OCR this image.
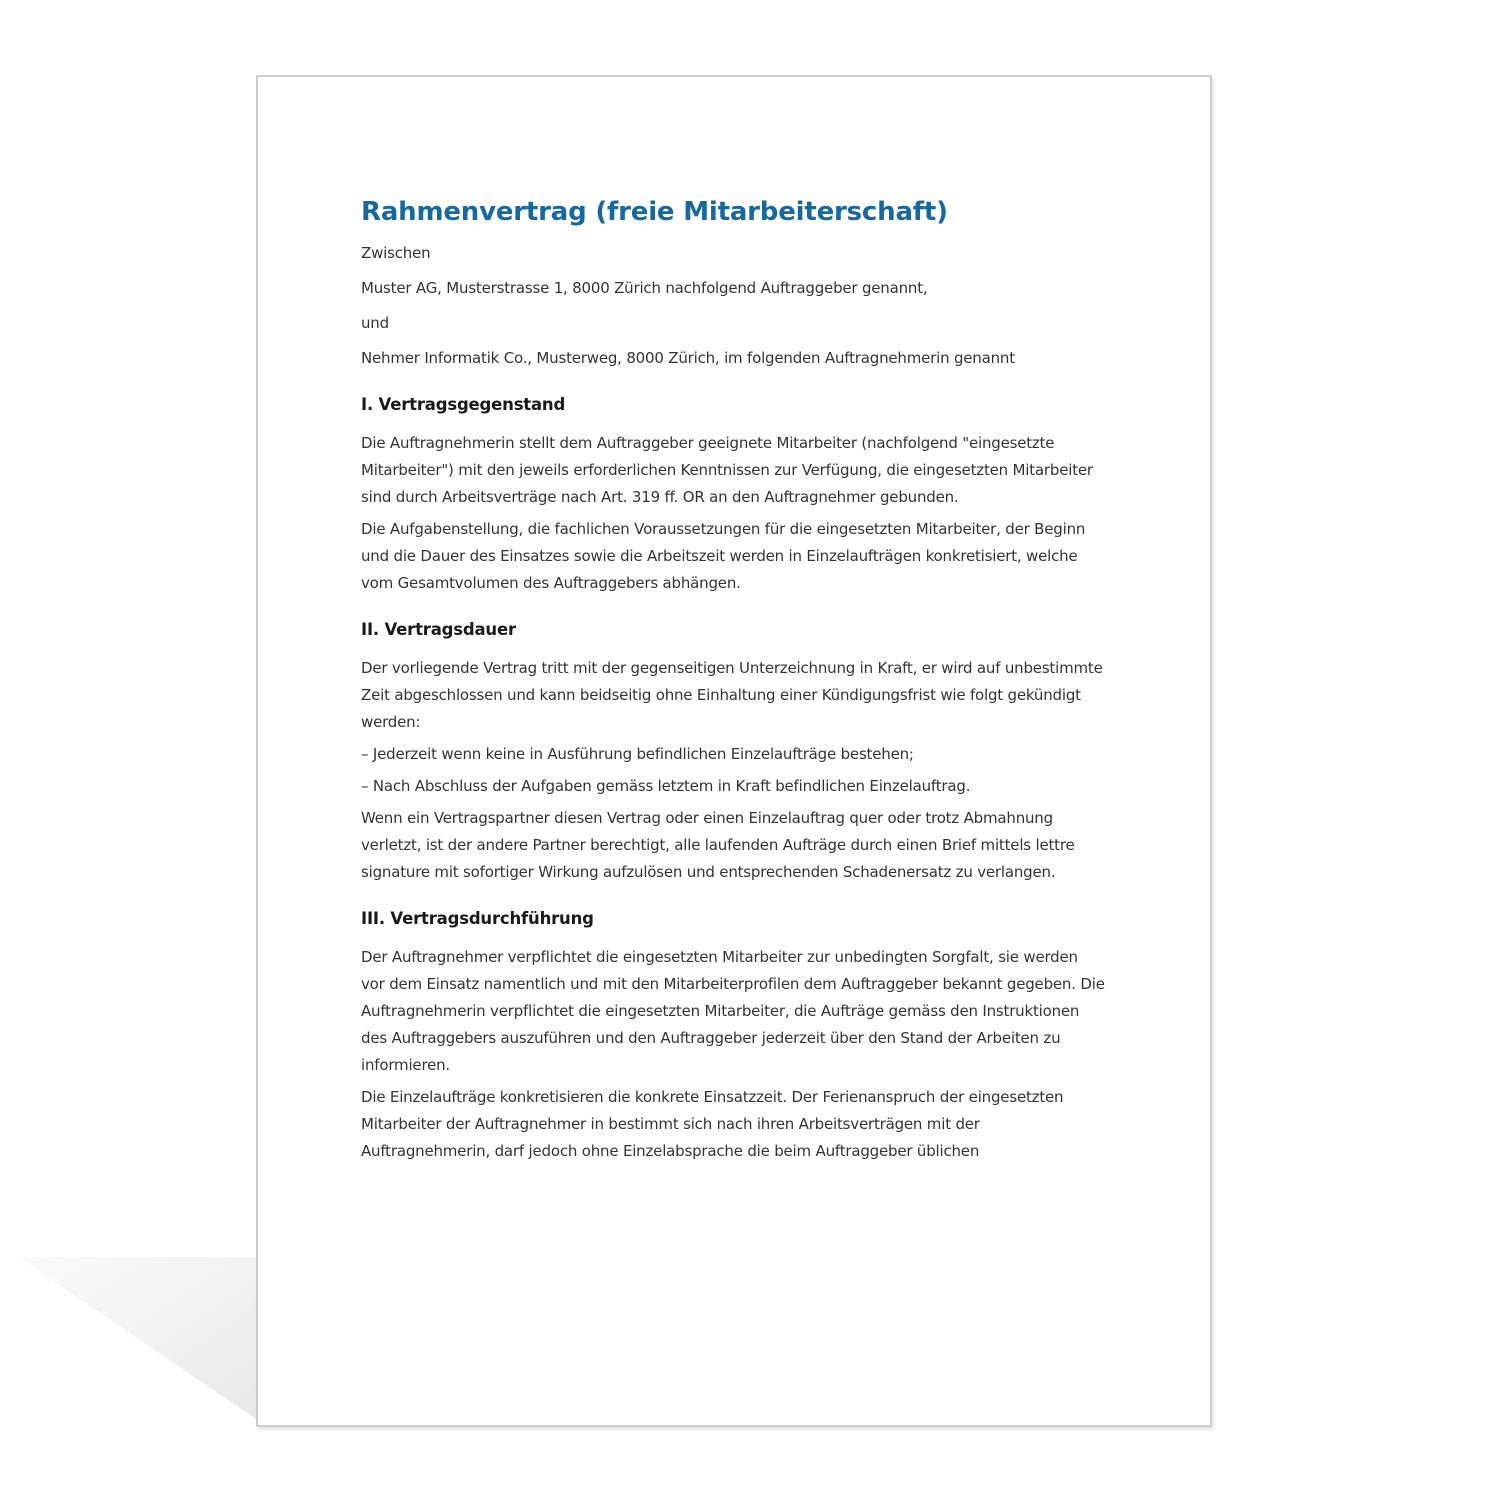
Rahmenvertrag (freie Mitarbeiterschaft)

Zwischen

Muster AG, Musterstrasse 1, 8000 Zürich nachfolgend Auftraggeber genannt,

und

Nehmer Informatik Co., Musterweg, 8000 Zürich, im folgenden Auftragnehmerin genannt

I. Vertragsgegenstand

Die Auftragnehmerin stellt dem Auftraggeber geeignete Mitarbeiter (nachfolgend "eingesetzte Mitarbeiter") mit den jeweils erforderlichen Kenntnissen zur Verfügung, die eingesetzten Mitarbeiter sind durch Arbeitsverträge nach Art. 319 ff. OR an den Auftragnehmer gebunden.

Die Aufgabenstellung, die fachlichen Voraussetzungen für die eingesetzten Mitarbeiter, der Beginn und die Dauer des Einsatzes sowie die Arbeitszeit werden in Einzelaufträgen konkretisiert, welche vom Gesamtvolumen des Auftraggebers abhängen.

II. Vertragsdauer

Der vorliegende Vertrag tritt mit der gegenseitigen Unterzeichnung in Kraft, er wird auf unbestimmte Zeit abgeschlossen und kann beidseitig ohne Einhaltung einer Kündigungsfrist wie folgt gekündigt werden:

– Jederzeit wenn keine in Ausführung befindlichen Einzelaufträge bestehen;

– Nach Abschluss der Aufgaben gemäss letztem in Kraft befindlichen Einzelauftrag.

Wenn ein Vertragspartner diesen Vertrag oder einen Einzelauftrag quer oder trotz Abmahnung verletzt, ist der andere Partner berechtigt, alle laufenden Aufträge durch einen Brief mittels lettre signature mit sofortiger Wirkung aufzulösen und entsprechenden Schadenersatz zu verlangen.

III. Vertragsdurchführung

Der Auftragnehmer verpflichtet die eingesetzten Mitarbeiter zur unbedingten Sorgfalt, sie werden vor dem Einsatz namentlich und mit den Mitarbeiterprofilen dem Auftraggeber bekannt gegeben. Die Auftragnehmerin verpflichtet die eingesetzten Mitarbeiter, die Aufträge gemäss den Instruktionen des Auftraggebers auszuführen und den Auftraggeber jederzeit über den Stand der Arbeiten zu informieren.

Die Einzelaufträge konkretisieren die konkrete Einsatzzeit. Der Ferienanspruch der eingesetzten Mitarbeiter der Auftragnehmer in bestimmt sich nach ihren Arbeitsverträgen mit der Auftragnehmerin, darf jedoch ohne Einzelabsprache die beim Auftraggeber üblichen
